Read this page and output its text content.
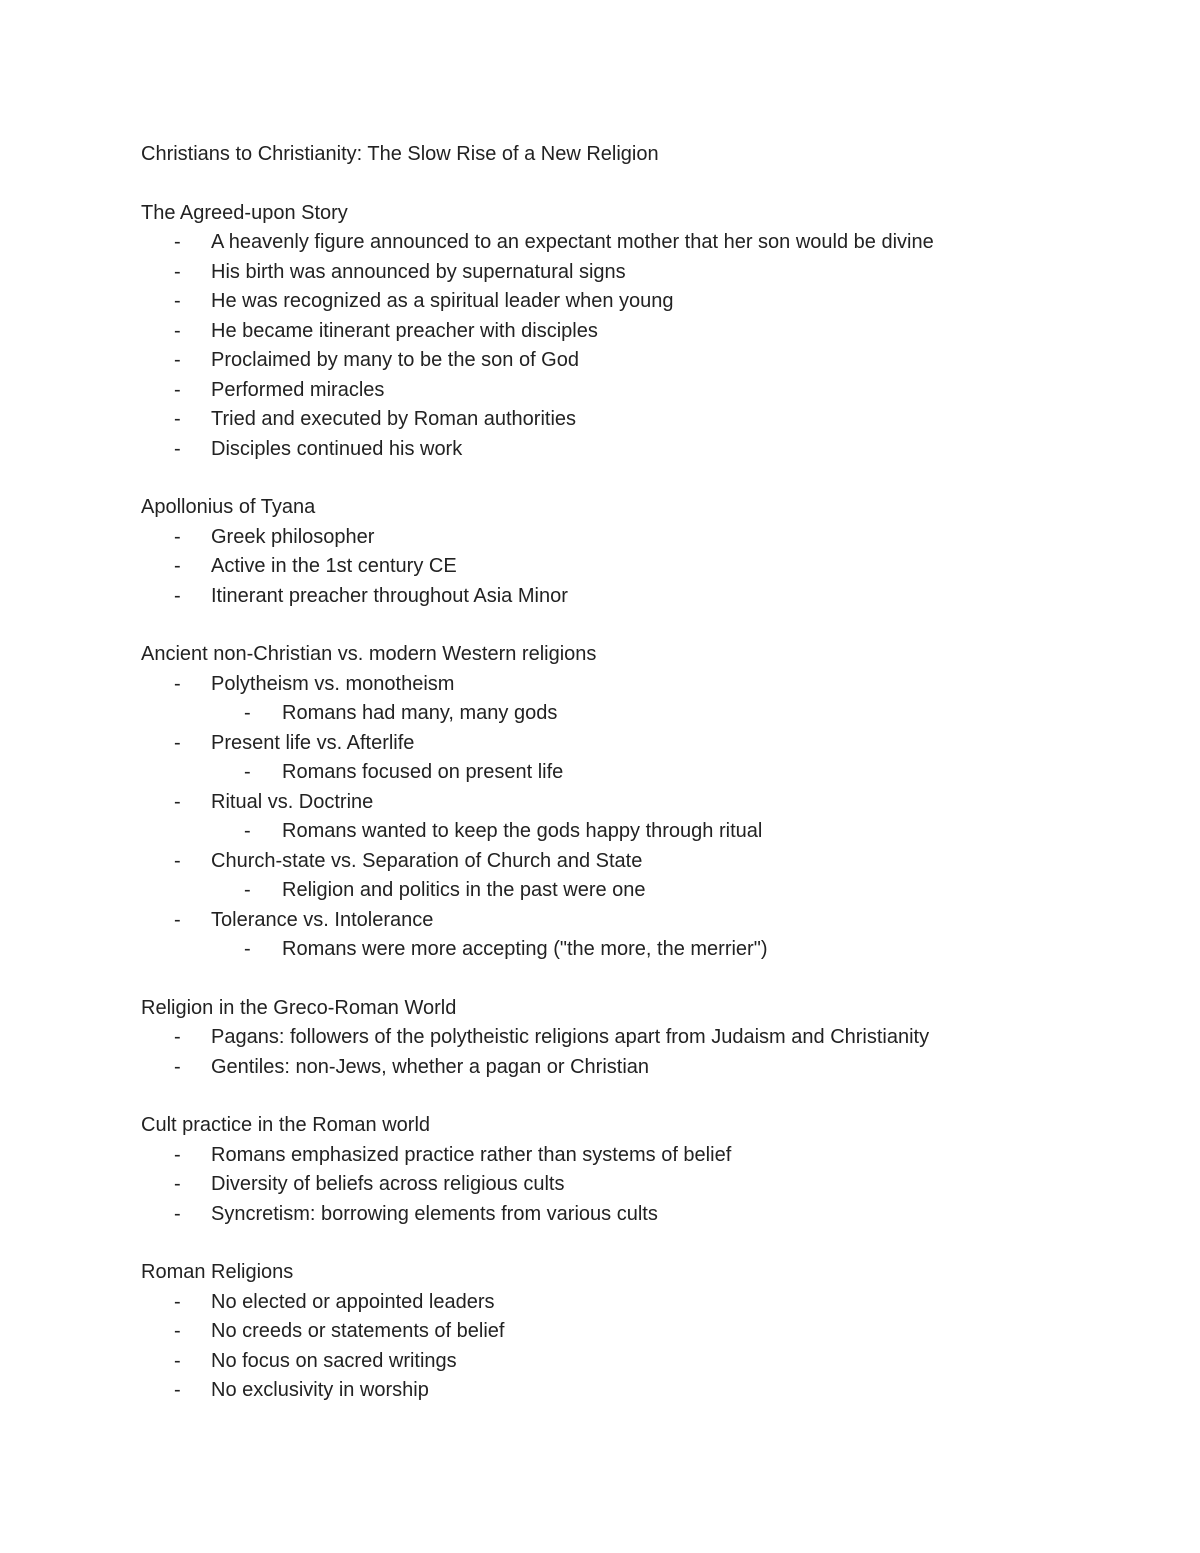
Christians to Christianity: The Slow Rise of a New Religion
The Agreed-upon Story
- A heavenly figure announced to an expectant mother that her son would be divine
- His birth was announced by supernatural signs
- He was recognized as a spiritual leader when young
- He became itinerant preacher with disciples
- Proclaimed by many to be the son of God
- Performed miracles
- Tried and executed by Roman authorities
- Disciples continued his work
Apollonius of Tyana
- Greek philosopher
- Active in the 1st century CE
- Itinerant preacher throughout Asia Minor
Ancient non-Christian vs. modern Western religions
- Polytheism vs. monotheism
- Romans had many, many gods
- Present life vs. Afterlife
- Romans focused on present life
- Ritual vs. Doctrine
- Romans wanted to keep the gods happy through ritual
- Church-state vs. Separation of Church and State
- Religion and politics in the past were one
- Tolerance vs. Intolerance
- Romans were more accepting ("the more, the merrier")
Religion in the Greco-Roman World
- Pagans: followers of the polytheistic religions apart from Judaism and Christianity
- Gentiles: non-Jews, whether a pagan or Christian
Cult practice in the Roman world
- Romans emphasized practice rather than systems of belief
- Diversity of beliefs across religious cults
- Syncretism: borrowing elements from various cults
Roman Religions
- No elected or appointed leaders
- No creeds or statements of belief
- No focus on sacred writings
- No exclusivity in worship
